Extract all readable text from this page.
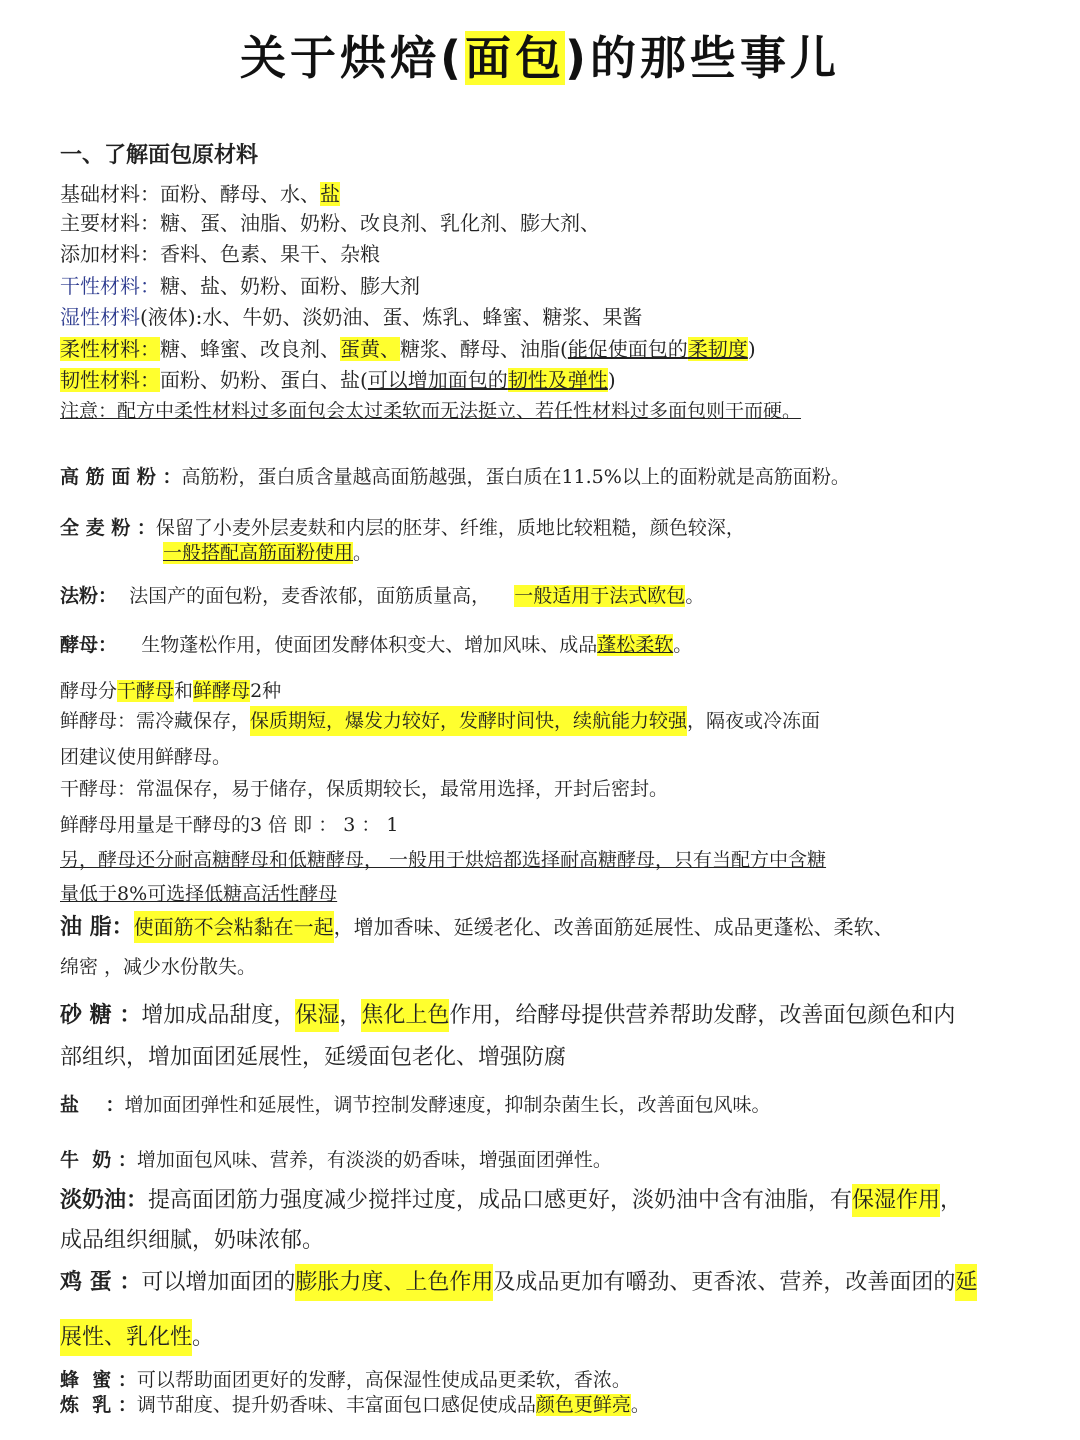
关于烘焙(面包)的那些事儿
一、了解面包原材料
基础材料：面粉、酵母、水、盐
主要材料：糖、蛋、油脂、奶粉、改良剂、乳化剂、膨大剂、
添加材料：香料、色素、果干、杂粮
干性材料：糖、盐、奶粉、面粉、膨大剂
湿性材料(液体):水、牛奶、淡奶油、蛋、炼乳、蜂蜜、糖浆、果酱
柔性材料：糖、蜂蜜、改良剂、蛋黄、糖浆、酵母、油脂(能促使面包的柔韧度)
韧性材料：面粉、奶粉、蛋白、盐(可以增加面包的韧性及弹性)
注意：配方中柔性材料过多面包会太过柔软而无法挺立、若任性材料过多面包则干而硬。
高 筋 面 粉 ：高筋粉，蛋白质含量越高面筋越强，蛋白质在11.5%以上的面粉就是高筋面粉。
全 麦 粉 ：保留了小麦外层麦麸和内层的胚芽、纤维，质地比较粗糙，颜色较深，
一般搭配高筋面粉使用。
法粉： 法国产的面包粉，麦香浓郁，面筋质量高， 一般适用于法式欧包。
酵母： 生物蓬松作用，使面团发酵体积变大、增加风味、成品蓬松柔软。
酵母分干酵母和鲜酵母2种
鲜酵母：需冷藏保存，保质期短，爆发力较好，发酵时间快，续航能力较强，隔夜或冷冻面
团建议使用鲜酵母。
干酵母：常温保存，易于储存，保质期较长，最常用选择，开封后密封。
鲜酵母用量是干酵母的3 倍 即 ： 3 ： 1
另，酵母还分耐高糖酵母和低糖酵母， 一般用于烘焙都选择耐高糖酵母，只有当配方中含糖
量低于8%可选择低糖高活性酵母
油 脂：使面筋不会粘黏在一起，增加香味、延缓老化、改善面筋延展性、成品更蓬松、柔软、
绵密 ，减少水份散失。
砂 糖 ：增加成品甜度，保湿，焦化上色作用，给酵母提供营养帮助发酵，改善面包颜色和内
部组织，增加面团延展性，延缓面包老化、增强防腐
盐    ：增加面团弹性和延展性，调节控制发酵速度，抑制杂菌生长，改善面包风味。
牛  奶 ：增加面包风味、营养，有淡淡的奶香味，增强面团弹性。
淡奶油：提高面团筋力强度减少搅拌过度，成品口感更好，淡奶油中含有油脂，有保湿作用，
成品组织细腻，奶味浓郁。
鸡 蛋 ：可以增加面团的膨胀力度、上色作用及成品更加有嚼劲、更香浓、营养，改善面团的延
展性、乳化性。
蜂  蜜 ：可以帮助面团更好的发酵，高保湿性使成品更柔软，香浓。
炼  乳 ：调节甜度、提升奶香味、丰富面包口感促使成品颜色更鲜亮。
